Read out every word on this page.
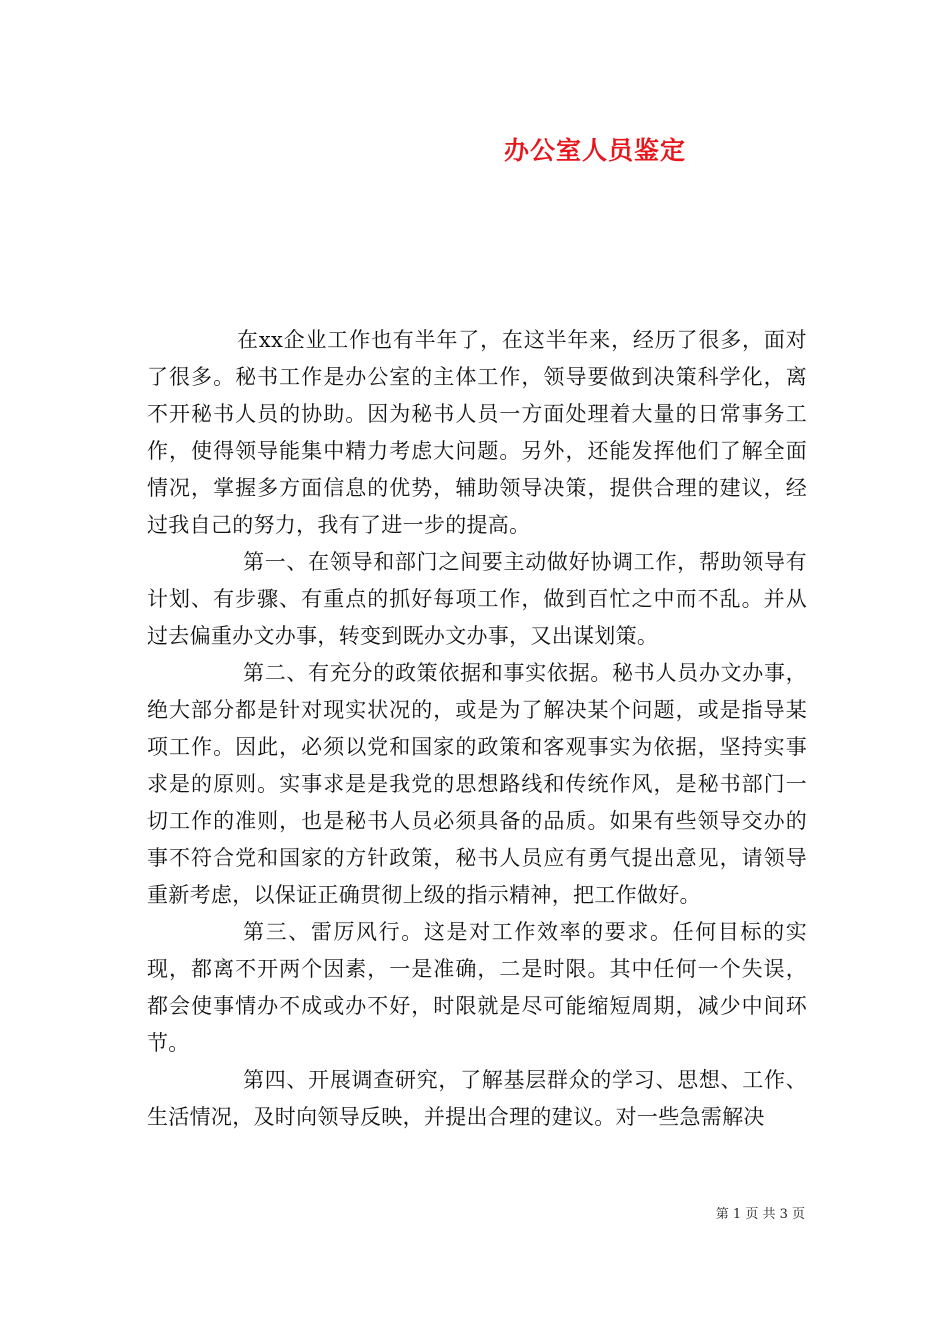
办公室人员鉴定

在xx企业工作也有半年了，在这半年来，经历了很多，面对了很多。秘书工作是办公室的主体工作，领导要做到决策科学化，离不开秘书人员的协助。因为秘书人员一方面处理着大量的日常事务工作，使得领导能集中精力考虑大问题。另外，还能发挥他们了解全面情况，掌握多方面信息的优势，辅助领导决策，提供合理的建议，经过我自己的努力，我有了进一步的提高。

第一、在领导和部门之间要主动做好协调工作，帮助领导有计划、有步骤、有重点的抓好每项工作，做到百忙之中而不乱。并从过去偏重办文办事，转变到既办文办事，又出谋划策。

第二、有充分的政策依据和事实依据。秘书人员办文办事，绝大部分都是针对现实状况的，或是为了解决某个问题，或是指导某项工作。因此，必须以党和国家的政策和客观事实为依据，坚持实事求是的原则。实事求是是我党的思想路线和传统作风，是秘书部门一切工作的准则，也是秘书人员必须具备的品质。如果有些领导交办的事不符合党和国家的方针政策，秘书人员应有勇气提出意见，请领导重新考虑，以保证正确贯彻上级的指示精神，把工作做好。

第三、雷厉风行。这是对工作效率的要求。任何目标的实现，都离不开两个因素，一是准确，二是时限。其中任何一个失误，都会使事情办不成或办不好，时限就是尽可能缩短周期，减少中间环节。

第四、开展调查研究，了解基层群众的学习、思想、工作、生活情况，及时向领导反映，并提出合理的建议。对一些急需解决

第 1 页 共 3 页
